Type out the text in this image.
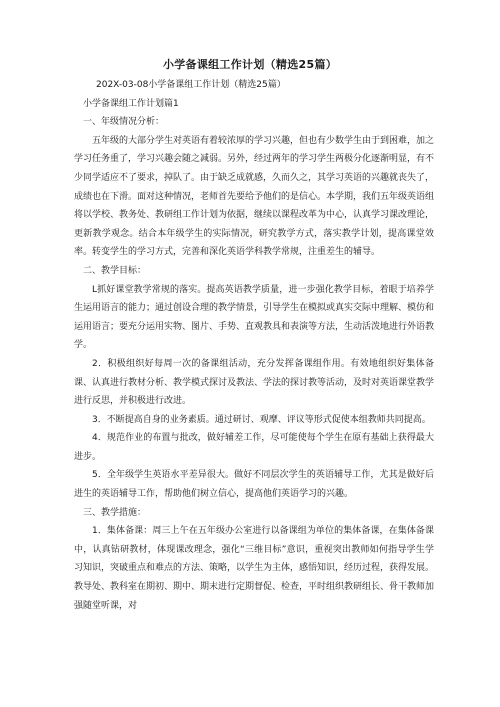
小学备课组工作计划（精选25篇）

202X-03-08小学备课组工作计划（精选25篇）

小学备课组工作计划篇1

一、年级情况分析：

五年级的大部分学生对英语有着较浓厚的学习兴趣，但也有少数学生由于到困难，加之学习任务重了，学习兴趣会随之减弱。另外，经过两年的学习学生两极分化逐渐明显，有不少同学适应不了要求，掉队了。由于缺乏成就感，久而久之，其学习英语的兴趣就丧失了，成绩也在下滑。面对这种情况，老师首先要给予他们的是信心。本学期，我们五年级英语组将以学校、教务处、教研组工作计划为依据，继续以课程改革为中心，认真学习课改理论，更新教学观念。结合本年级学生的实际情况，研究教学方式，落实教学计划，提高课堂效率。转变学生的学习方式，完善和深化英语学科教学常规，注重差生的辅导。

二、教学目标：

L抓好课堂教学常规的落实。提高英语教学质量，进一步强化教学目标，着眼于培养学生运用语言的能力；通过创设合理的教学情景，引导学生在模拟或真实交际中理解、模仿和运用语言；要充分运用实物、图片、手势、直观教具和表演等方法，生动活泼地进行外语教学。

2．积极组织好每周一次的备课组活动，充分发挥备课组作用。有效地组织好集体备课、认真进行教材分析、教学模式探讨及教法、学法的探讨教等活动，及时对英语课堂教学进行反思，并积极进行改进。

3．不断提高自身的业务素质。通过研讨、观摩、评议等形式促使本组教师共同提高。

4．规范作业的布置与批改，做好辅差工作，尽可能使每个学生在原有基础上获得最大进步。

5．全年级学生英语水平差异很大。做好不同层次学生的英语辅导工作，尤其是做好后进生的英语辅导工作，帮助他们树立信心，提高他们英语学习的兴趣。

三、教学措施：

1．集体备课：周三上午在五年级办公室进行以备课组为单位的集体备课，在集体备课中，认真钻研教材，体现课改理念，强化“三维目标”意识，重视突出教师如何指导学生学习知识，突破重点和难点的方法、策略，以学生为主体，感悟知识，经历过程，获得发展。教导处、教科室在期初、期中、期末进行定期督促、检查，平时组织教研组长、骨干教师加强随堂听课，对
